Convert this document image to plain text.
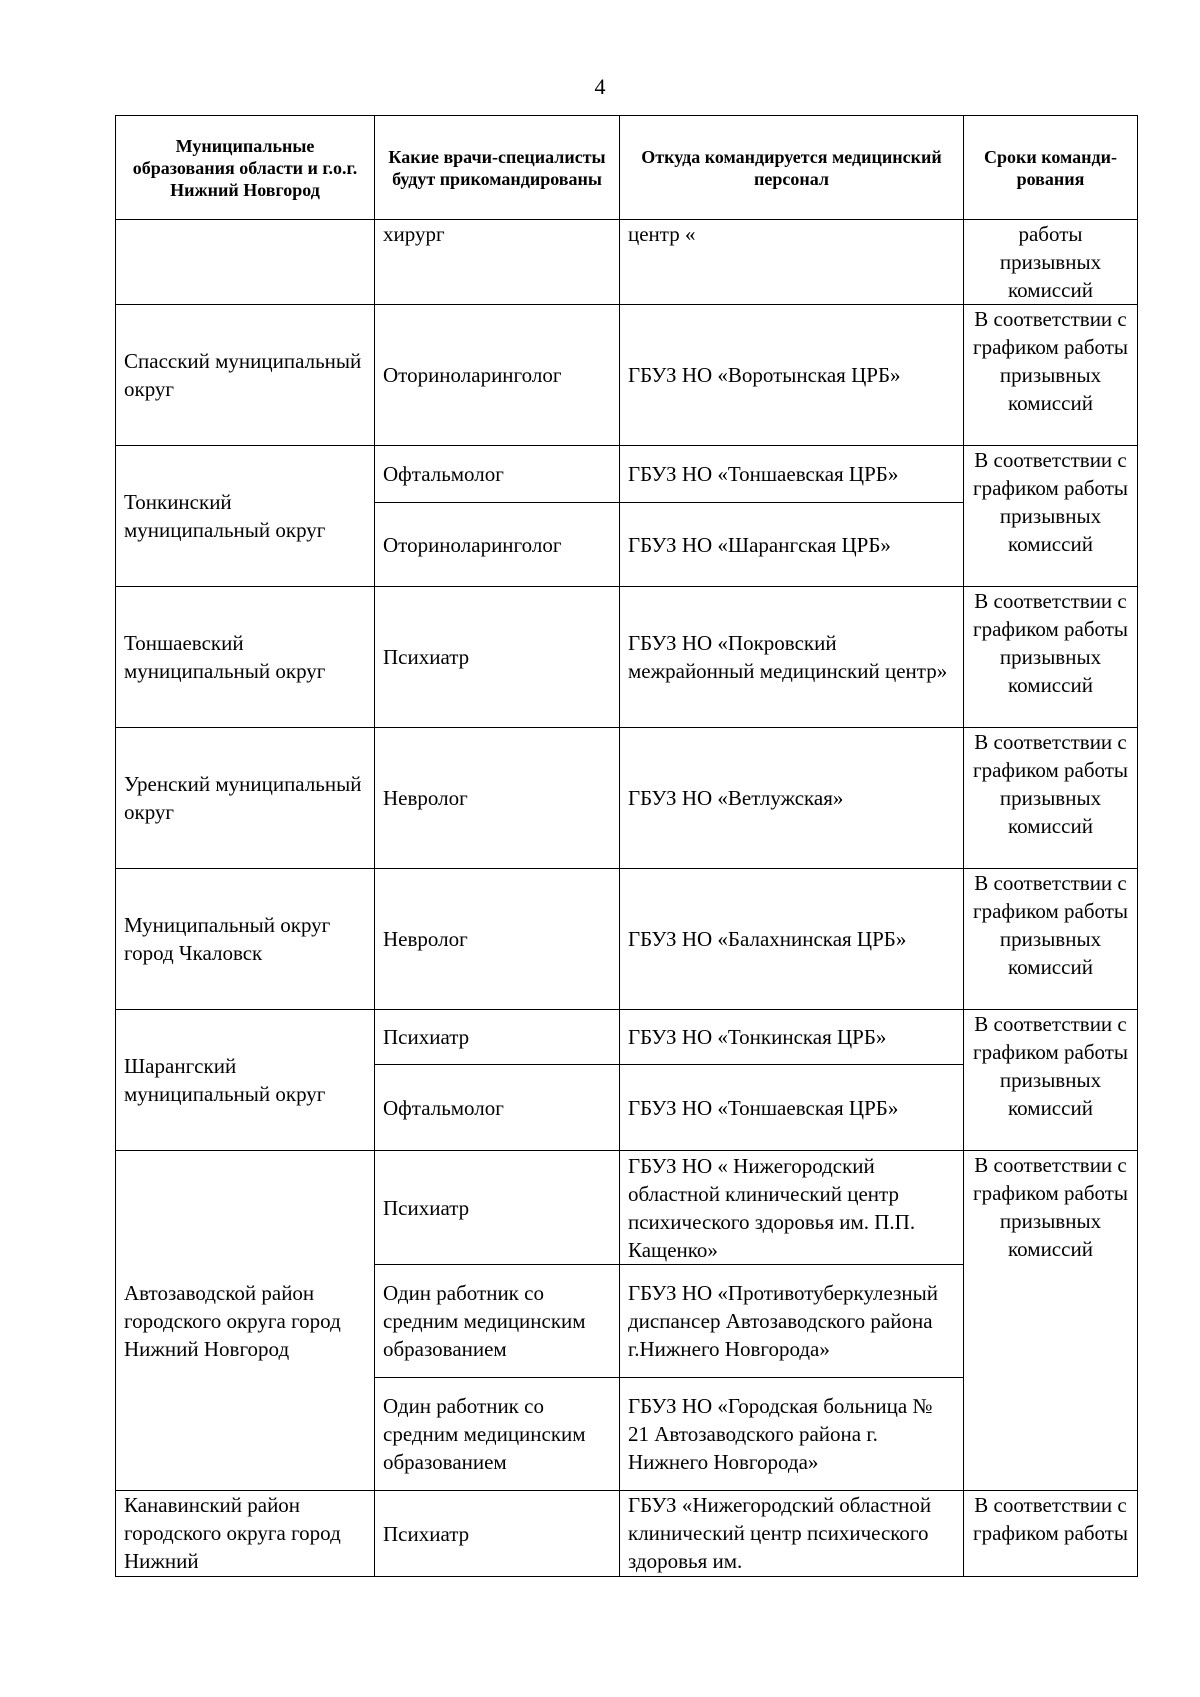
4
Муниципальные образования области и г.о.г. Нижний Новгород	Какие врачи-специалисты будут прикомандированы	Откуда командируется медицинский персонал	Сроки команди-рования
	хирург	центр «	работы призывных комиссий
Спасский муниципальный округ	Оториноларинголог	ГБУЗ НО «Воротынская ЦРБ»	В соответствии с графиком работы призывных комиссий
Тонкинский муниципальный округ	Офтальмолог	ГБУЗ НО «Тоншаевская ЦРБ»	В соответствии с графиком работы призывных комиссий
	Оториноларинголог	ГБУЗ НО «Шарангская ЦРБ»	
Тоншаевский муниципальный округ	Психиатр	ГБУЗ НО «Покровский межрайонный медицинский центр»	В соответствии с графиком работы призывных комиссий
Уренский муниципальный округ	Невролог	ГБУЗ НО «Ветлужская»	В соответствии с графиком работы призывных комиссий
Муниципальный округ город Чкаловск	Невролог	ГБУЗ НО «Балахнинская ЦРБ»	В соответствии с графиком работы призывных комиссий
Шарангский муниципальный округ	Психиатр	ГБУЗ НО «Тонкинская ЦРБ»	В соответствии с графиком работы призывных комиссий
	Офтальмолог	ГБУЗ НО «Тоншаевская ЦРБ»	
Автозаводской район городского округа город Нижний Новгород	Психиатр	ГБУЗ НО « Нижегородский областной клинический центр психического здоровья им. П.П. Кащенко»	В соответствии с графиком работы призывных комиссий
	Один работник со средним медицинским образованием	ГБУЗ НО «Противотуберкулезный диспансер Автозаводского района г.Нижнего Новгорода»	
	Один работник со средним медицинским образованием	ГБУЗ НО «Городская больница № 21 Автозаводского района г. Нижнего Новгорода»	
Канавинский район городского округа город Нижний	Психиатр	ГБУЗ «Нижегородский областной клинический центр психического здоровья им.	В соответствии с графиком работы
